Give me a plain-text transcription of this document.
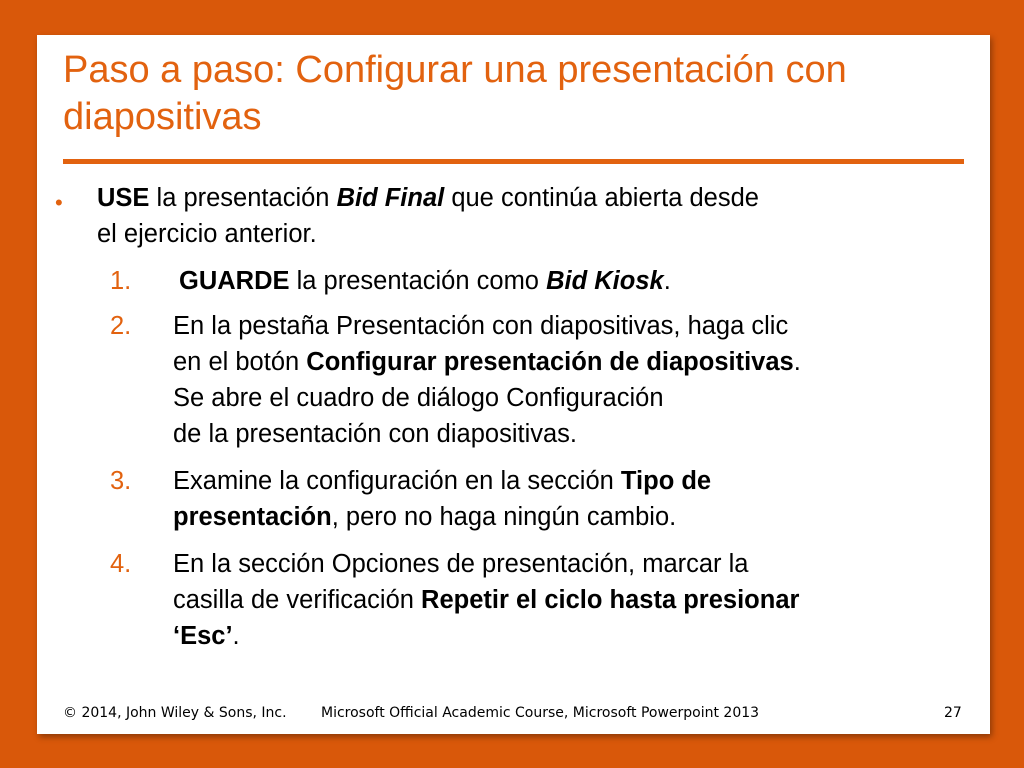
Paso a paso: Configurar una presentación con diapositivas
• USE la presentación Bid Final que continúa abierta desde
el ejercicio anterior.
1. GUARDE la presentación como Bid Kiosk.
2. En la pestaña Presentación con diapositivas, haga clic
en el botón Configurar presentación de diapositivas.
Se abre el cuadro de diálogo Configuración
de la presentación con diapositivas.
3. Examine la configuración en la sección Tipo de
presentación, pero no haga ningún cambio.
4. En la sección Opciones de presentación, marcar la
casilla de verificación Repetir el ciclo hasta presionar
‘Esc’.
© 2014, John Wiley & Sons, Inc. Microsoft Official Academic Course, Microsoft Powerpoint 2013	27
